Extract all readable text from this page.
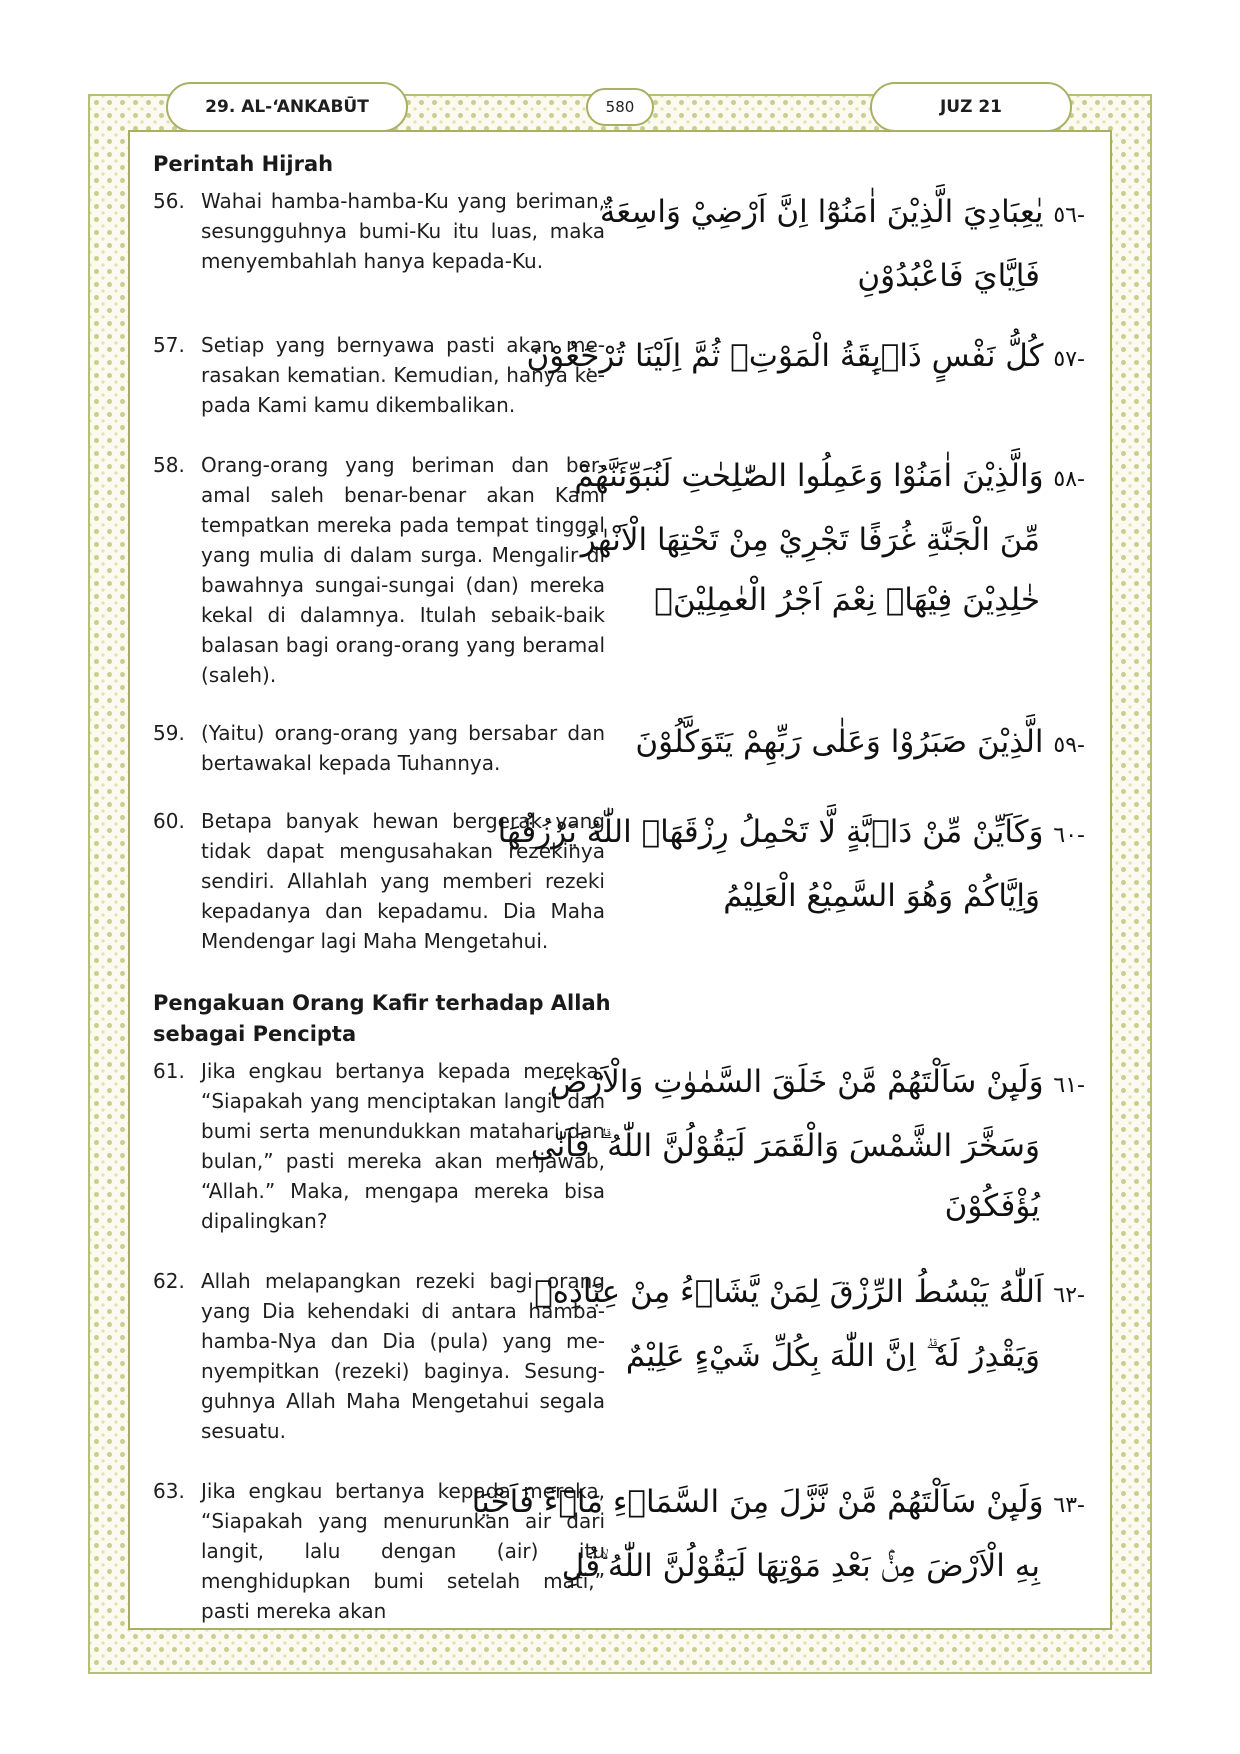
29. AL-‘ANKABŪT	580	JUZ 21
Perintah Hijrah
56. Wahai hamba-hamba-Ku yang beriman, sesungguhnya bumi-Ku itu luas, maka menyembahlah hanya kepada-Ku.
-٥٦ يٰعِبَادِيَ الَّذِيْنَ اٰمَنُوْٓا اِنَّ اَرْضِيْ وَاسِعَةٌ
فَاِيَّايَ فَاعْبُدُوْنِ
57. Setiap yang bernyawa pasti akan me-rasakan kematian. Kemudian, hanya ke-pada Kami kamu dikembalikan.
-٥٧ كُلُّ نَفْسٍ ذَاۤىِٕقَةُ الْمَوْتِۗ ثُمَّ اِلَيْنَا تُرْجَعُوْنَ
58. Orang-orang yang beriman dan ber-amal saleh benar-benar akan Kami tempatkan mereka pada tempat tinggal yang mulia di dalam surga. Mengalir di bawahnya sungai-sungai (dan) mereka kekal di dalamnya. Itulah sebaik-baik balasan bagi orang-orang yang beramal (saleh).
-٥٨ وَالَّذِيْنَ اٰمَنُوْا وَعَمِلُوا الصّٰلِحٰتِ لَنُبَوِّئَنَّهُمْ
مِّنَ الْجَنَّةِ غُرَفًا تَجْرِيْ مِنْ تَحْتِهَا الْاَنْهٰرُ
خٰلِدِيْنَ فِيْهَاۗ نِعْمَ اَجْرُ الْعٰمِلِيْنَۖ
59. (Yaitu) orang-orang yang bersabar dan bertawakal kepada Tuhannya.
-٥٩ الَّذِيْنَ صَبَرُوْا وَعَلٰى رَبِّهِمْ يَتَوَكَّلُوْنَ
60. Betapa banyak hewan bergerak yang tidak dapat mengusahakan rezekinya sendiri. Allahlah yang memberi rezeki kepadanya dan kepadamu. Dia Maha Mendengar lagi Maha Mengetahui.
-٦٠ وَكَاَيِّنْ مِّنْ دَاۤبَّةٍ لَّا تَحْمِلُ رِزْقَهَاۖ اللّٰهُ يَرْزُقُهَا
وَاِيَّاكُمْ وَهُوَ السَّمِيْعُ الْعَلِيْمُ
Pengakuan Orang Kafir terhadap Allah sebagai Pencipta
61. Jika engkau bertanya kepada mereka, “Siapakah yang menciptakan langit dan bumi serta menundukkan matahari dan bulan,” pasti mereka akan menjawab, “Allah.” Maka, mengapa mereka bisa dipalingkan?
-٦١ وَلَىِٕنْ سَاَلْتَهُمْ مَّنْ خَلَقَ السَّمٰوٰتِ وَالْاَرْضَ
وَسَخَّرَ الشَّمْسَ وَالْقَمَرَ لَيَقُوْلُنَّ اللّٰهُ ۗ فَاَنّٰى
يُؤْفَكُوْنَ
62. Allah melapangkan rezeki bagi orang yang Dia kehendaki di antara hamba-hamba-Nya dan Dia (pula) yang me-nyempitkan (rezeki) baginya. Sesung-guhnya Allah Maha Mengetahui segala sesuatu.
-٦٢ اَللّٰهُ يَبْسُطُ الرِّزْقَ لِمَنْ يَّشَاۤءُ مِنْ عِبَادِهٖ
وَيَقْدِرُ لَهٗ ۗ اِنَّ اللّٰهَ بِكُلِّ شَيْءٍ عَلِيْمٌ
63. Jika engkau bertanya kepada mereka, “Siapakah yang menurunkan air dari langit, lalu dengan (air) itu menghidupkan bumi setelah mati,” pasti mereka akan
-٦٣ وَلَىِٕنْ سَاَلْتَهُمْ مَّنْ نَّزَّلَ مِنَ السَّمَاۤءِ مَاۤءً فَاَحْيَا
بِهِ الْاَرْضَ مِنْۢ بَعْدِ مَوْتِهَا لَيَقُوْلُنَّ اللّٰهُ ۙقُلِ
